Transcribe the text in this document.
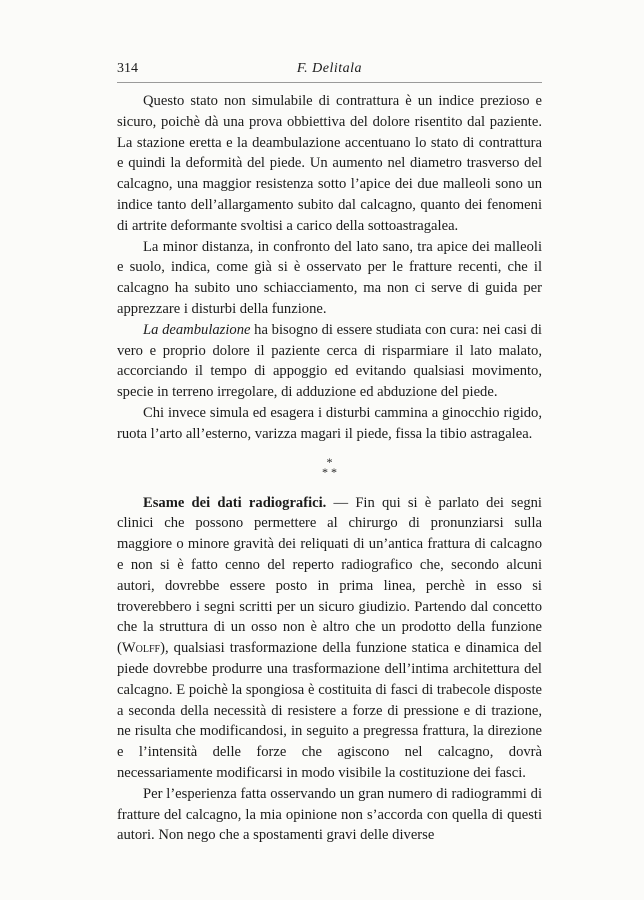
314	F. Delitala

Questo stato non simulabile di contrattura è un indice prezioso e sicuro, poichè dà una prova obbiettiva del dolore risentito dal paziente. La stazione eretta e la deambulazione accentuano lo stato di contrattura e quindi la deformità del piede. Un aumento nel diametro trasverso del calcagno, una maggior resistenza sotto l’apice dei due malleoli sono un indice tanto dell’allargamento subito dal calcagno, quanto dei fenomeni di artrite deformante svoltisi a carico della sottoastragalea.

La minor distanza, in confronto del lato sano, tra apice dei malleoli e suolo, indica, come già si è osservato per le fratture recenti, che il calcagno ha subito uno schiacciamento, ma non ci serve di guida per apprezzare i disturbi della funzione.

La deambulazione ha bisogno di essere studiata con cura: nei casi di vero e proprio dolore il paziente cerca di risparmiare il lato malato, accorciando il tempo di appoggio ed evitando qualsiasi movimento, specie in terreno irregolare, di adduzione ed abduzione del piede.

Chi invece simula ed esagera i disturbi cammina a ginocchio rigido, ruota l’arto all’esterno, varizza magari il piede, fissa la tibio astragalea.

*
* *

Esame dei dati radiografici. — Fin qui si è parlato dei segni clinici che possono permettere al chirurgo di pronunziarsi sulla maggiore o minore gravità dei reliquati di un’antica frattura di calcagno e non si è fatto cenno del reperto radiografico che, secondo alcuni autori, dovrebbe essere posto in prima linea, perchè in esso si troverebbero i segni scritti per un sicuro giudizio. Partendo dal concetto che la struttura di un osso non è altro che un prodotto della funzione (Wolff), qualsiasi trasformazione della funzione statica e dinamica del piede dovrebbe produrre una trasformazione dell’intima architettura del calcagno. E poichè la spongiosa è costituita di fasci di trabecole disposte a seconda della necessità di resistere a forze di pressione e di trazione, ne risulta che modificandosi, in seguito a pregressa frattura, la direzione e l’intensità delle forze che agiscono nel calcagno, dovrà necessariamente modificarsi in modo visibile la costituzione dei fasci.

Per l’esperienza fatta osservando un gran numero di radiogrammi di fratture del calcagno, la mia opinione non s’accorda con quella di questi autori. Non nego che a spostamenti gravi delle diverse
